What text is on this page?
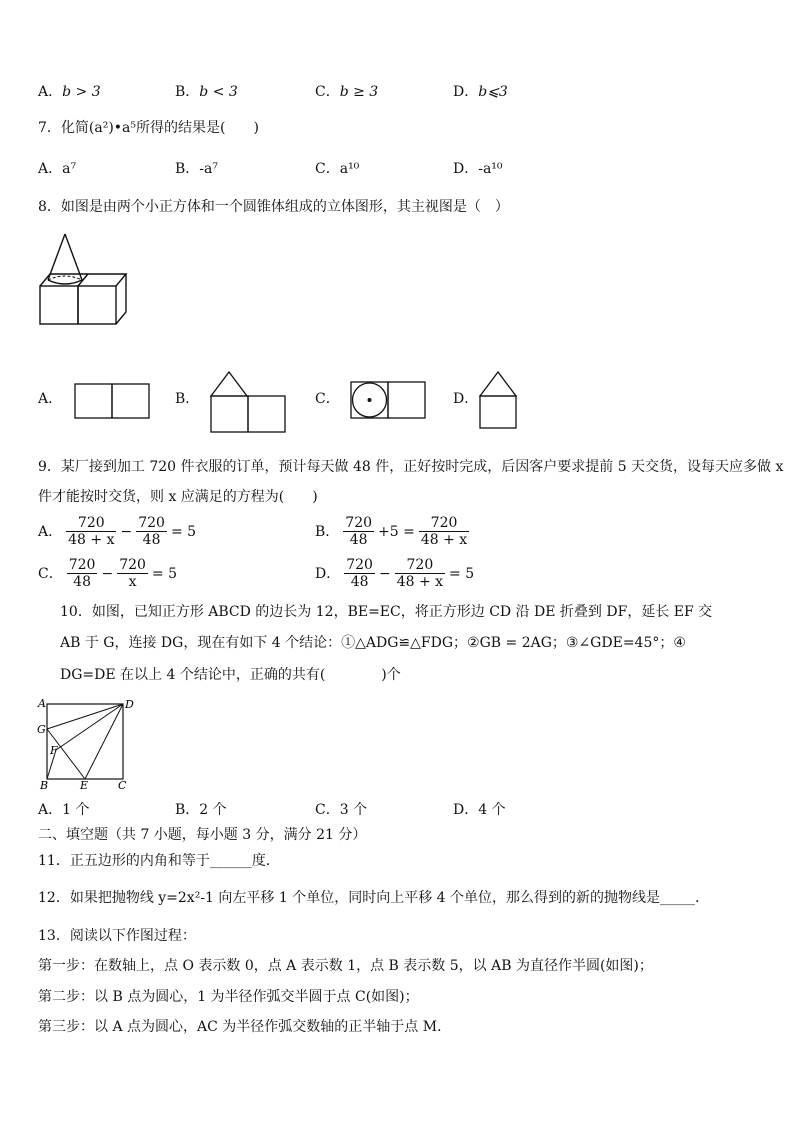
A．b > 3	B．b < 3	C．b ≥ 3	D．b⩽3
7．化简(a²)•a⁵所得的结果是(　　)
A．a⁷	B．-a⁷	C．a¹⁰	D．-a¹⁰
8．如图是由两个小正方体和一个圆锥体组成的立体图形，其主视图是（　）
A．	B．	C．	D．
9．某厂接到加工 720 件衣服的订单，预计每天做 48 件，正好按时完成，后因客户要求提前 5 天交货，设每天应多做 x
件才能按时交货，则 x 应满足的方程为(　　)
A． $\frac{720}{48 + x} - \frac{720}{48} = 5$	B． $\frac{720}{48} +5 = \frac{720}{48 + x}$
C． $\frac{720}{48} - \frac{720}{x} = 5$	D． $\frac{720}{48} - \frac{720}{48 + x} = 5$
10．如图，已知正方形 ABCD 的边长为 12，BE=EC，将正方形边 CD 沿 DE 折叠到 DF，延长 EF 交
AB 于 G，连接 DG，现在有如下 4 个结论：①△ADG≌△FDG；②GB = 2AG；③∠GDE=45°；④
DG=DE 在以上 4 个结论中，正确的共有(　　　　)个
A	D
G
F
B	E	C
A．1 个	B．2 个	C．3 个	D．4 个
二、填空题（共 7 小题，每小题 3 分，满分 21 分）
11．正五边形的内角和等于______度．
12．如果把抛物线 y=2x²-1 向左平移 1 个单位，同时向上平移 4 个单位，那么得到的新的抛物线是_____．
13．阅读以下作图过程：
第一步：在数轴上，点 O 表示数 0，点 A 表示数 1，点 B 表示数 5，以 AB 为直径作半圆(如图)；
第二步：以 B 点为圆心，1 为半径作弧交半圆于点 C(如图)；
第三步：以 A 点为圆心，AC 为半径作弧交数轴的正半轴于点 M．
